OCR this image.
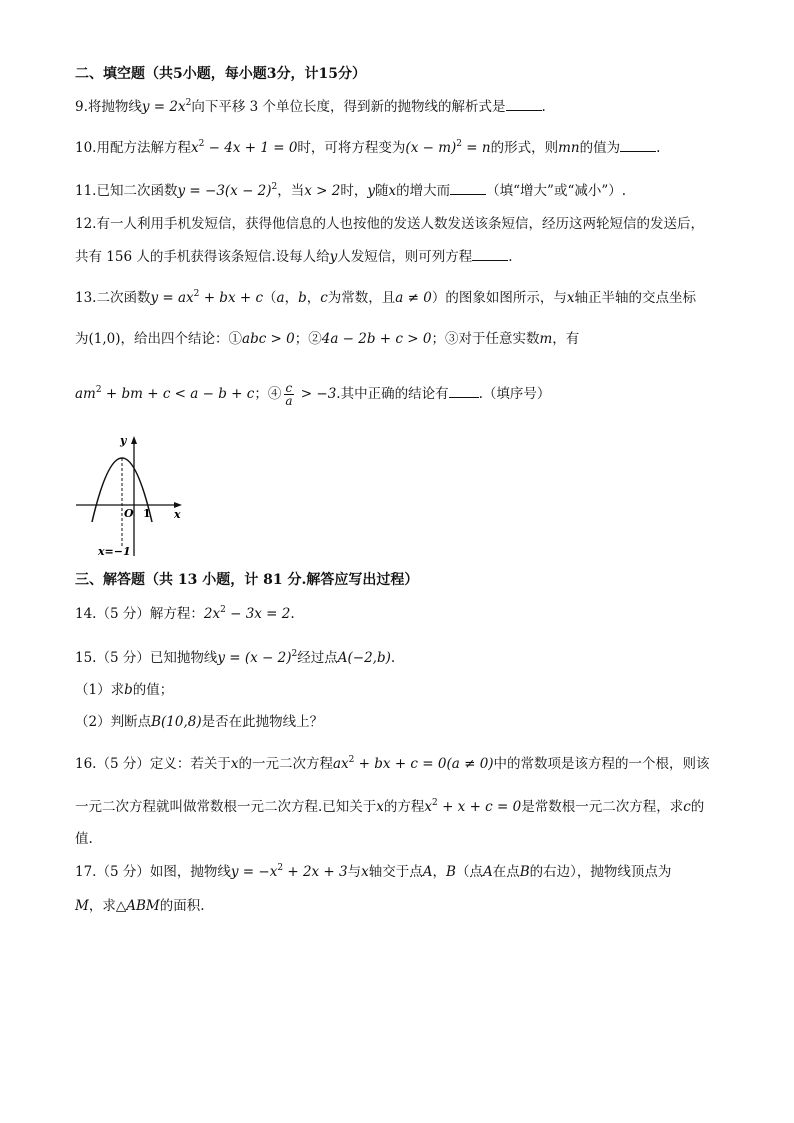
二、填空题（共5小题，每小题3分，计15分）
9.将抛物线$y = 2x^2$向下平移 3 个单位长度，得到新的抛物线的解析式是	.
10.用配方法解方程$x^2 - 4x + 1 = 0$时，可将方程变为$(x - m)^2 = n$的形式，则mn的值为	.
11.已知二次函数$y = -3(x - 2)^2$，当x > 2时，y随x的增大而	（填“增大”或“减小”）.
12.有一人利用手机发短信，获得他信息的人也按他的发送人数发送该条短信，经历这两轮短信的发送后，
共有 156 人的手机获得该条短信.设每人给y人发短信，则可列方程	.
13.二次函数$y = ax^2$ + bx + c（a，b，c为常数，且a ≠ 0）的图象如图所示，与x轴正半轴的交点坐标
为(1,0)，给出四个结论：①abc > 0；②4a − 2b + c > 0；③对于任意实数m，有
$am^2$ + bm + c < a − b + c；④ $\frac{c}{a} > -3$.其中正确的结论有 .（填序号）
y
x
O 1
x=−1
三、解答题（共 13 小题，计 81 分.解答应写出过程）
14.（5 分）解方程：$2x^2 - 3x = 2$.
15.（5 分）已知抛物线$y = (x - 2)^2$经过点A(−2,b).
（1）求b的值；
（2）判断点B(10,8)是否在此抛物线上？
16.（5 分）定义：若关于x的一元二次方程$ax^2$ + bx + c = 0(a ≠ 0)中的常数项是该方程的一个根，则该
一元二次方程就叫做常数根一元二次方程.已知关于x的方程$x^2 + x + c = 0$是常数根一元二次方程，求c的
值.
17.（5 分）如图，抛物线$y = -x^2 + 2x + 3$与x轴交于点A，B（点A在点B的右边），抛物线顶点为
M，求△ABM的面积.
